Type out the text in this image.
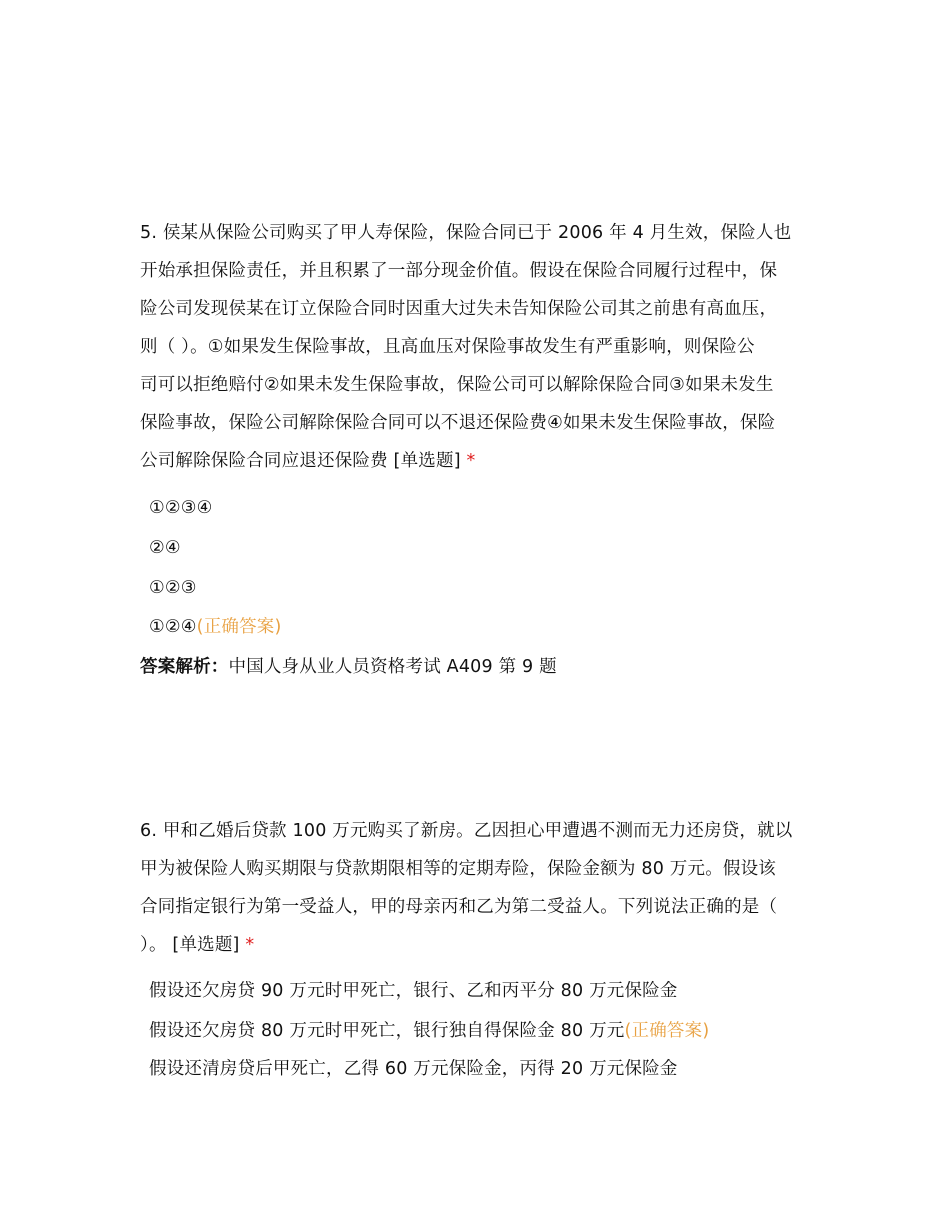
5. 侯某从保险公司购买了甲人寿保险，保险合同已于 2006 年 4 月生效，保险人也
开始承担保险责任，并且积累了一部分现金价值。假设在保险合同履行过程中，保
险公司发现侯某在订立保险合同时因重大过失未告知保险公司其之前患有高血压，
则（ ）。①如果发生保险事故，且高血压对保险事故发生有严重影响，则保险公
司可以拒绝赔付②如果未发生保险事故，保险公司可以解除保险合同③如果未发生
保险事故，保险公司解除保险合同可以不退还保险费④如果未发生保险事故，保险
公司解除保险合同应退还保险费 [单选题] *
①②③④
②④
①②③
①②④(正确答案)
答案解析：中国人身从业人员资格考试 A409 第 9 题
6. 甲和乙婚后贷款 100 万元购买了新房。乙因担心甲遭遇不测而无力还房贷，就以
甲为被保险人购买期限与贷款期限相等的定期寿险，保险金额为 80 万元。假设该
合同指定银行为第一受益人，甲的母亲丙和乙为第二受益人。下列说法正确的是（
）。 [单选题] *
假设还欠房贷 90 万元时甲死亡，银行、乙和丙平分 80 万元保险金
假设还欠房贷 80 万元时甲死亡，银行独自得保险金 80 万元(正确答案)
假设还清房贷后甲死亡，乙得 60 万元保险金，丙得 20 万元保险金
